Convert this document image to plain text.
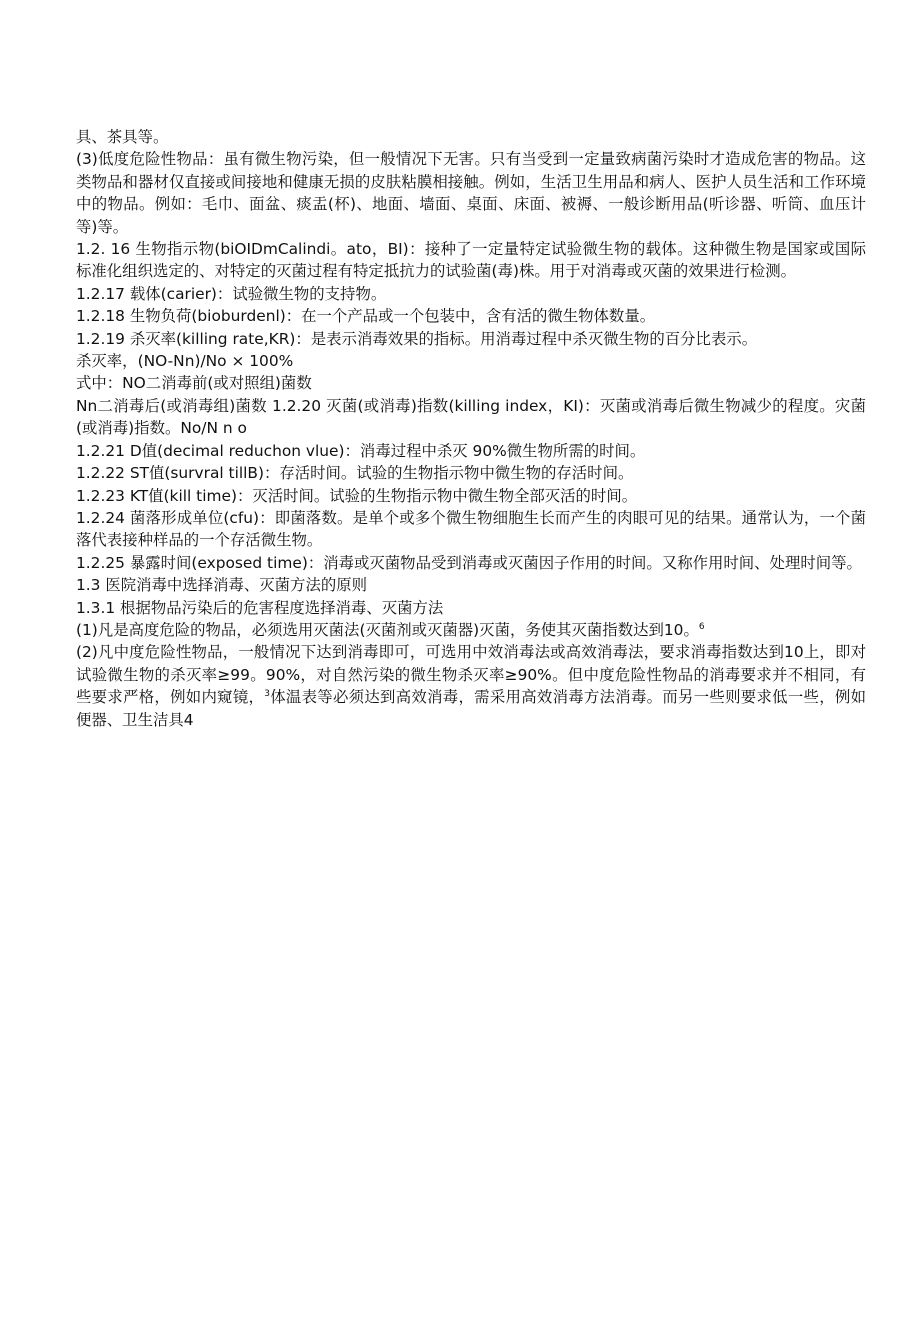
具、茶具等。

(3)低度危险性物品：虽有微生物污染，但一般情况下无害。只有当受到一定量致病菌污染时才造成危害的物品。这类物品和器材仅直接或间接地和健康无损的皮肤粘膜相接触。例如，生活卫生用品和病人、医护人员生活和工作环境中的物品。例如：毛巾、面盆、痰盂(杯)、地面、墙面、桌面、床面、被褥、一般诊断用品(听诊器、听筒、血压计等)等。

1.2. 16 生物指示物(biOIDmCalindi。ato，BI)：接种了一定量特定试验微生物的载体。这种微生物是国家或国际标准化组织选定的、对特定的灭菌过程有特定抵抗力的试验菌(毒)株。用于对消毒或灭菌的效果进行检测。

1.2.17 载体(carier)：试验微生物的支持物。

1.2.18 生物负荷(bioburdenl)：在一个产品或一个包装中，含有活的微生物体数量。

1.2.19 杀灭率(killing rate,KR)：是表示消毒效果的指标。用消毒过程中杀灭微生物的百分比表示。

杀灭率，(NO-Nn)/No × 100%

式中：NO二消毒前(或对照组)菌数

Nn二消毒后(或消毒组)菌数 1.2.20 灭菌(或消毒)指数(killing index，KI)：灭菌或消毒后微生物减少的程度。灾菌(或消毒)指数。No/N n o

1.2.21 D值(decimal reduchon vlue)：消毒过程中杀灭 90%微生物所需的时间。

1.2.22 ST值(survral tillB)：存活时间。试验的生物指示物中微生物的存活时间。

1.2.23 KT值(kill time)：灭活时间。试验的生物指示物中微生物全部灭活的时间。

1.2.24 菌落形成单位(cfu)：即菌落数。是单个或多个微生物细胞生长而产生的肉眼可见的结果。通常认为，一个菌落代表接种样品的一个存活微生物。

1.2.25 暴露时间(exposed time)：消毒或灭菌物品受到消毒或灭菌因子作用的时间。又称作用时间、处理时间等。

1.3 医院消毒中选择消毒、灭菌方法的原则

1.3.1 根据物品污染后的危害程度选择消毒、灭菌方法

(1)凡是高度危险的物品，必须选用灭菌法(灭菌剂或灭菌器)灭菌，务使其灭菌指数达到10。$^6$

(2)凡中度危险性物品，一般情况下达到消毒即可，可选用中效消毒法或高效消毒法，要求消毒指数达到10上，即对试验微生物的杀灭率≥99。90%，对自然污染的微生物杀灭率≥90%。但中度危险性物品的消毒要求并不相同，有些要求严格，例如内窥镜，$^3$体温表等必须达到高效消毒，需采用高效消毒方法消毒。而另一些则要求低一些，例如便器、卫生洁具4
